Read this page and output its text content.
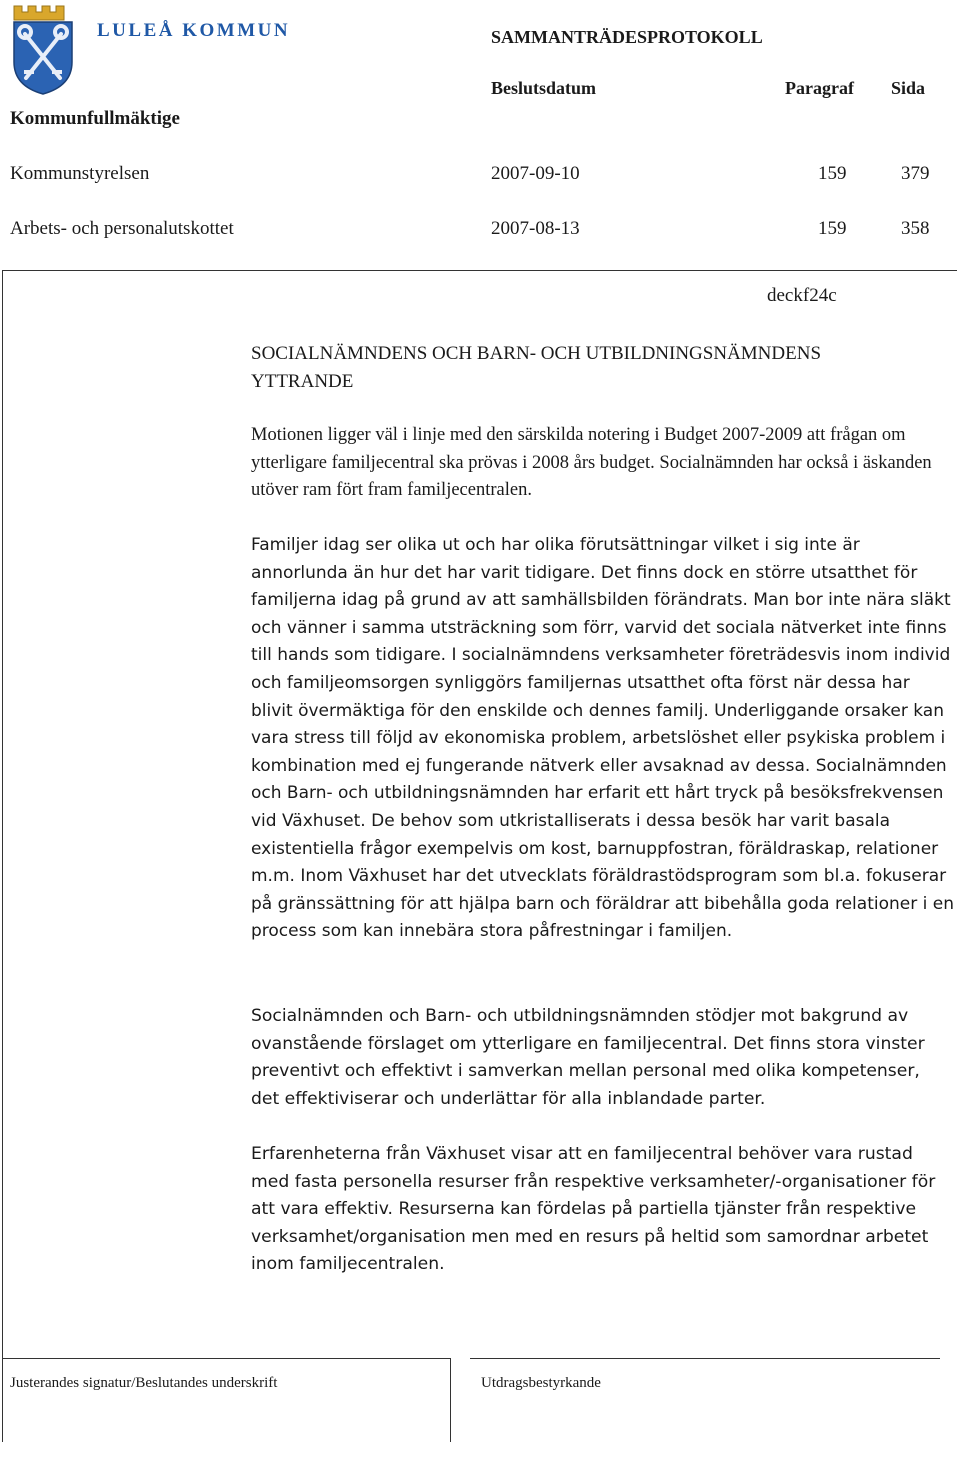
LULEÅ KOMMUN	SAMMANTRÄDESPROTOKOLL
Beslutsdatum	Paragraf Sida
Kommunfullmäktige
Kommunstyrelsen	2007-09-10	159	379
Arbets- och personalutskottet	2007-08-13	159	358
deckf24c
SOCIALNÄMNDENS OCH BARN- OCH UTBILDNINGSNÄMNDENS YTTRANDE
Motionen ligger väl i linje med den särskilda notering i Budget 2007-2009 att frågan om ytterligare familjecentral ska prövas i 2008 års budget. Socialnämnden har också i äskanden utöver ram fört fram familjecentralen.
Familjer idag ser olika ut och har olika förutsättningar vilket i sig inte är annorlunda än hur det har varit tidigare. Det finns dock en större utsatthet för familjerna idag på grund av att samhällsbilden förändrats. Man bor inte nära släkt och vänner i samma utsträckning som förr, varvid det sociala nätverket inte finns till hands som tidigare. I socialnämndens verksamheter företrädesvis inom individ och familjeomsorgen synliggörs familjernas utsatthet ofta först när dessa har blivit övermäktiga för den enskilde och dennes familj. Underliggande orsaker kan vara stress till följd av ekonomiska problem, arbetslöshet eller psykiska problem i kombination med ej fungerande nätverk eller avsaknad av dessa. Socialnämnden och Barn- och utbildningsnämnden har erfarit ett hårt tryck på besöksfrekvensen vid Växhuset. De behov som utkristalliserats i dessa besök har varit basala existentiella frågor exempelvis om kost, barnuppfostran, föräldraskap, relationer m.m. Inom Växhuset har det utvecklats föräldrastödsprogram som bl.a. fokuserar på gränssättning för att hjälpa barn och föräldrar att bibehålla goda relationer i en process som kan innebära stora påfrestningar i familjen.
Socialnämnden och Barn- och utbildningsnämnden stödjer mot bakgrund av ovanstående förslaget om ytterligare en familjecentral. Det finns stora vinster preventivt och effektivt i samverkan mellan personal med olika kompetenser, det effektiviserar och underlättar för alla inblandade parter.
Erfarenheterna från Växhuset visar att en familjecentral behöver vara rustad med fasta personella resurser från respektive verksamheter/-organisationer för att vara effektiv. Resurserna kan fördelas på partiella tjänster från respektive verksamhet/organisation men med en resurs på heltid som samordnar arbetet inom familjecentralen.
Justerandes signatur/Beslutandes underskrift	Utdragsbestyrkande
